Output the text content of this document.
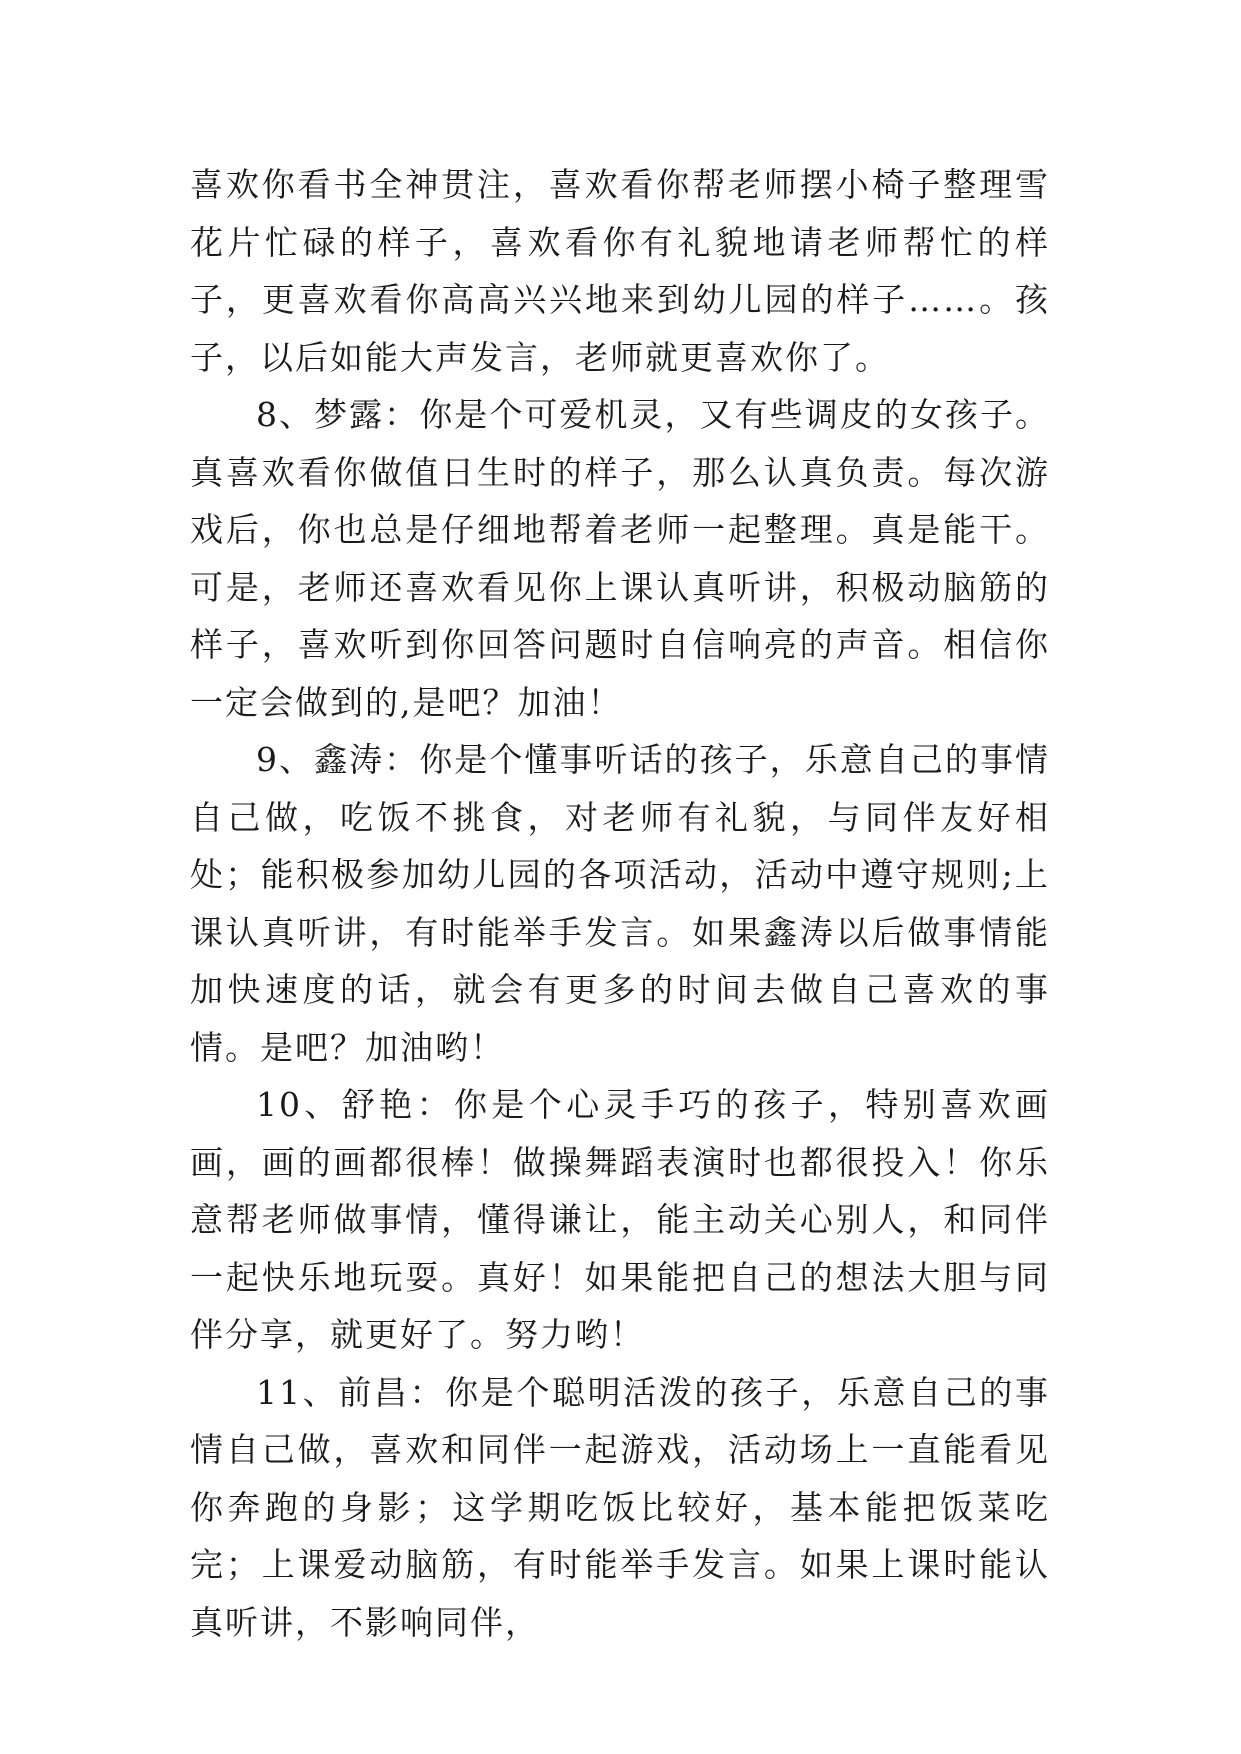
喜欢你看书全神贯注，喜欢看你帮老师摆小椅子整理雪花片忙碌的样子，喜欢看你有礼貌地请老师帮忙的样子，更喜欢看你高高兴兴地来到幼儿园的样子……。孩子，以后如能大声发言，老师就更喜欢你了。

8、梦露：你是个可爱机灵，又有些调皮的女孩子。真喜欢看你做值日生时的样子，那么认真负责。每次游戏后，你也总是仔细地帮着老师一起整理。真是能干。可是，老师还喜欢看见你上课认真听讲，积极动脑筋的样子，喜欢听到你回答问题时自信响亮的声音。相信你一定会做到的,是吧？加油！

9、鑫涛：你是个懂事听话的孩子，乐意自己的事情自己做，吃饭不挑食，对老师有礼貌，与同伴友好相处；能积极参加幼儿园的各项活动，活动中遵守规则;上课认真听讲，有时能举手发言。如果鑫涛以后做事情能加快速度的话，就会有更多的时间去做自己喜欢的事情。是吧？加油哟！

10、舒艳：你是个心灵手巧的孩子，特别喜欢画画，画的画都很棒！做操舞蹈表演时也都很投入！你乐意帮老师做事情，懂得谦让，能主动关心别人，和同伴一起快乐地玩耍。真好！如果能把自己的想法大胆与同伴分享，就更好了。努力哟！

11、前昌：你是个聪明活泼的孩子，乐意自己的事情自己做，喜欢和同伴一起游戏，活动场上一直能看见你奔跑的身影；这学期吃饭比较好，基本能把饭菜吃完；上课爱动脑筋，有时能举手发言。如果上课时能认真听讲，不影响同伴，
